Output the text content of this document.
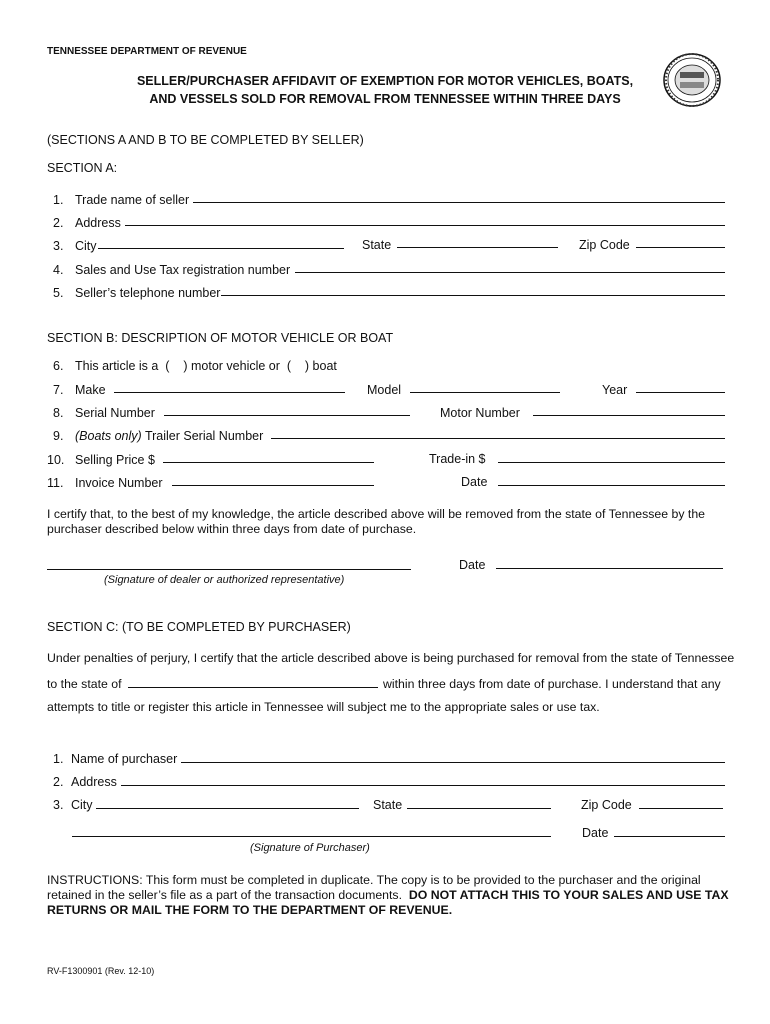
TENNESSEE DEPARTMENT OF REVENUE
SELLER/PURCHASER AFFIDAVIT OF EXEMPTION FOR MOTOR VEHICLES, BOATS,
AND VESSELS SOLD FOR REMOVAL FROM TENNESSEE WITHIN THREE DAYS
(SECTIONS A AND B TO BE COMPLETED BY SELLER)
SECTION A:
1. Trade name of seller
2. Address
3. City	State	Zip Code
4. Sales and Use Tax registration number
5. Seller’s telephone number
SECTION B: DESCRIPTION OF MOTOR VEHICLE OR BOAT
6. This article is a  (    ) motor vehicle or  (    ) boat
7. Make	Model	Year
8. Serial Number	Motor Number
9. (Boats only) Trailer Serial Number
10. Selling Price $	Trade-in $
11. Invoice Number	Date
I certify that, to the best of my knowledge, the article described above will be removed from the state of Tennessee by the
purchaser described below within three days from date of purchase.
Date
(Signature of dealer or authorized representative)
SECTION C: (TO BE COMPLETED BY PURCHASER)
Under penalties of perjury, I certify that the article described above is being purchased for removal from the state of Tennessee
to the state of	within three days from date of purchase. I understand that any
attempts to title or register this article in Tennessee will subject me to the appropriate sales or use tax.
1. Name of purchaser
2. Address
3. City	State	Zip Code
Date
(Signature of Purchaser)
INSTRUCTIONS: This form must be completed in duplicate. The copy is to be provided to the purchaser and the original
retained in the seller’s file as a part of the transaction documents.  DO NOT ATTACH THIS TO YOUR SALES AND USE TAX
RETURNS OR MAIL THE FORM TO THE DEPARTMENT OF REVENUE.
RV-F1300901 (Rev. 12-10)
